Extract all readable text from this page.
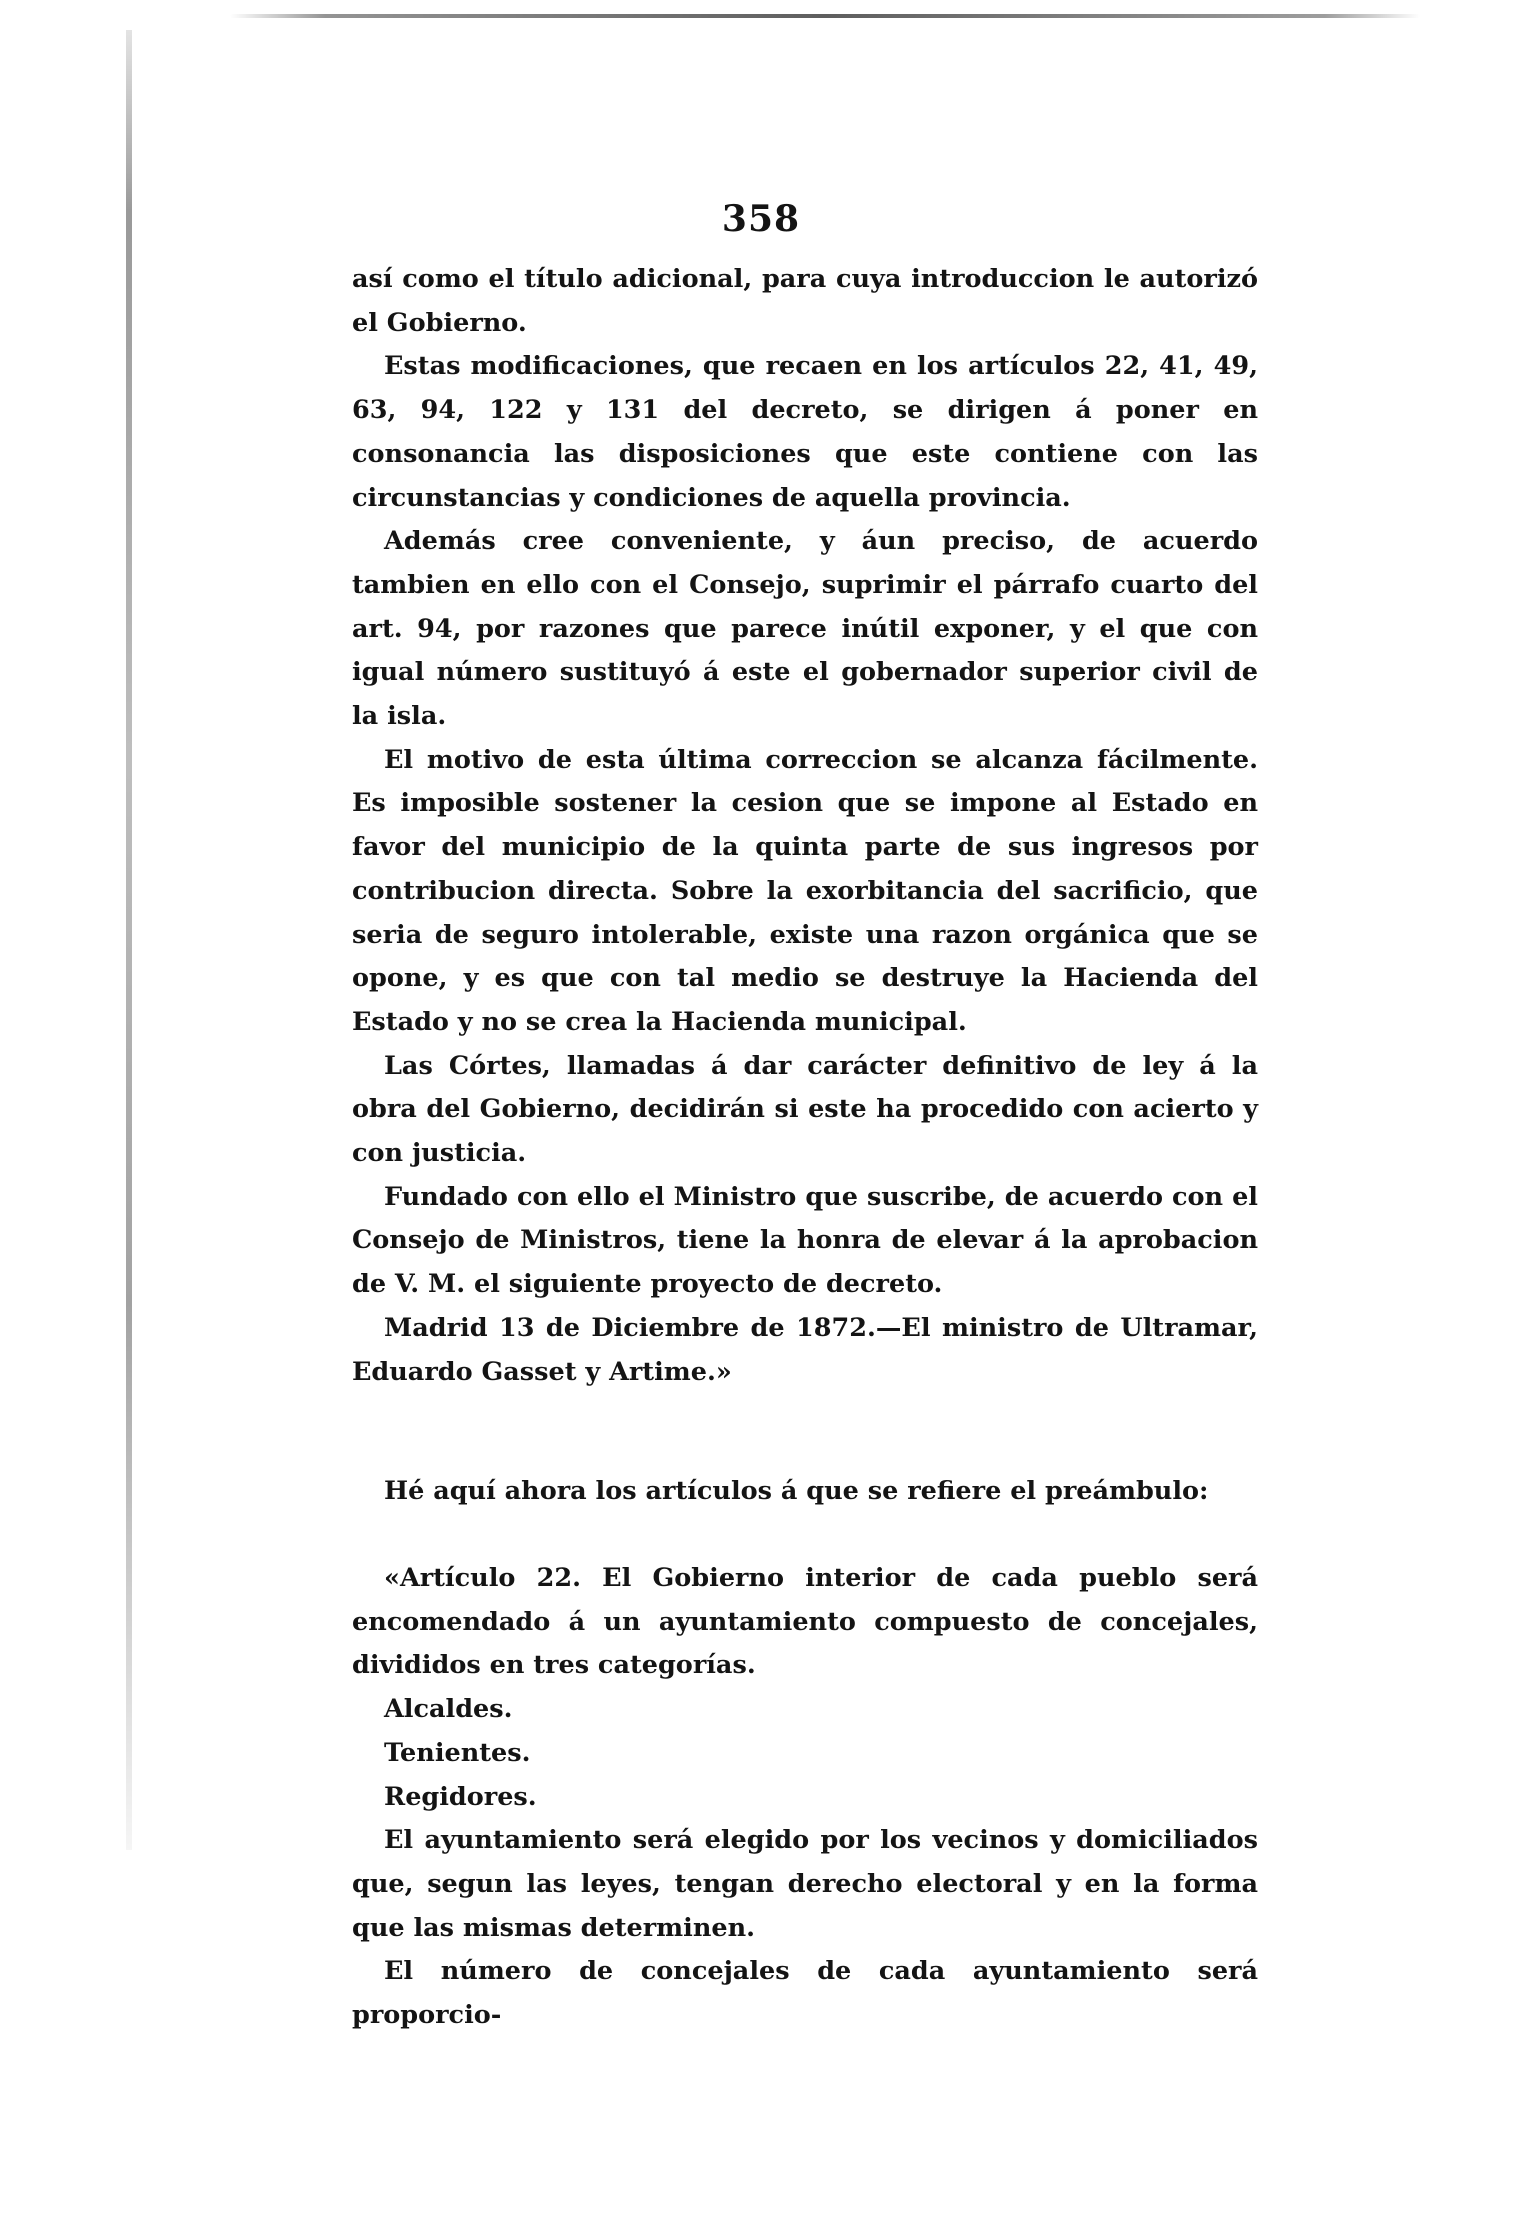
358

así como el título adicional, para cuya introduccion le autorizó el Gobierno.

Estas modificaciones, que recaen en los artículos 22, 41, 49, 63, 94, 122 y 131 del decreto, se dirigen á poner en consonancia las disposiciones que este contiene con las circunstancias y condiciones de aquella provincia.

Además cree conveniente, y áun preciso, de acuerdo tambien en ello con el Consejo, suprimir el párrafo cuarto del art. 94, por razones que parece inútil exponer, y el que con igual número sustituyó á este el gobernador superior civil de la isla.

El motivo de esta última correccion se alcanza fácilmente. Es imposible sostener la cesion que se impone al Estado en favor del municipio de la quinta parte de sus ingresos por contribucion directa. Sobre la exorbitancia del sacrificio, que seria de seguro intolerable, existe una razon orgánica que se opone, y es que con tal medio se destruye la Hacienda del Estado y no se crea la Hacienda municipal.

Las Córtes, llamadas á dar carácter definitivo de ley á la obra del Gobierno, decidirán si este ha procedido con acierto y con justicia.

Fundado con ello el Ministro que suscribe, de acuerdo con el Consejo de Ministros, tiene la honra de elevar á la aprobacion de V. M. el siguiente proyecto de decreto.

Madrid 13 de Diciembre de 1872.—El ministro de Ultramar, Eduardo Gasset y Artime.»

Hé aquí ahora los artículos á que se refiere el preámbulo:

«Artículo 22. El Gobierno interior de cada pueblo será encomendado á un ayuntamiento compuesto de concejales, divididos en tres categorías.

Alcaldes.

Tenientes.

Regidores.

El ayuntamiento será elegido por los vecinos y domiciliados que, segun las leyes, tengan derecho electoral y en la forma que las mismas determinen.

El número de concejales de cada ayuntamiento será proporcio-
